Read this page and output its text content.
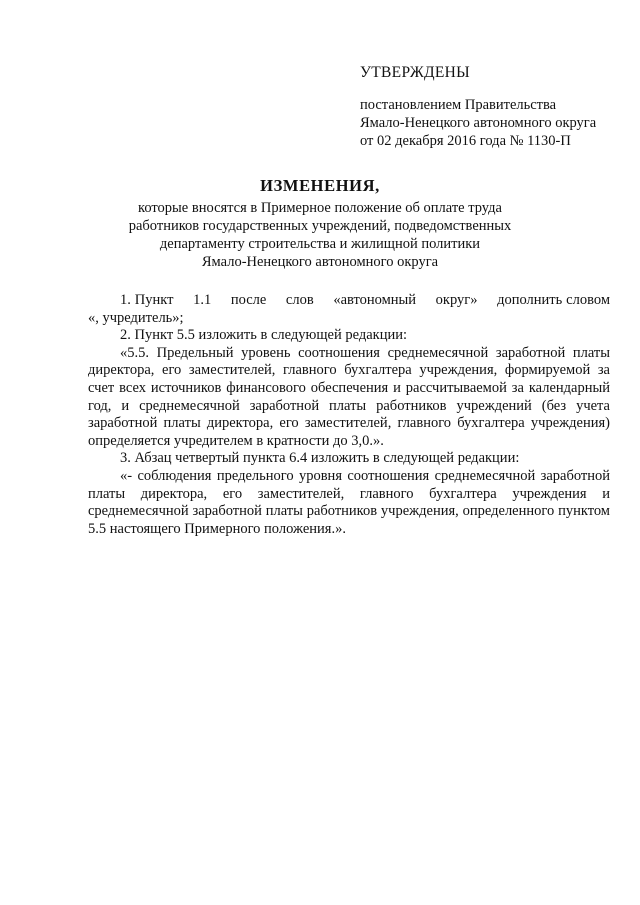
УТВЕРЖДЕНЫ
постановлением Правительства
Ямало-Ненецкого автономного округа
от 02 декабря 2016 года № 1130-П
ИЗМЕНЕНИЯ,
которые вносятся в Примерное положение об оплате труда
работников государственных учреждений, подведомственных
департаменту строительства и жилищной политики
Ямало-Ненецкого автономного округа

1. Пункт     1.1     после     слов     «автономный     округ»     дополнить словом «, учредитель»;

2. Пункт 5.5 изложить в следующей редакции:

«5.5. Предельный уровень соотношения среднемесячной заработной платы директора, его заместителей, главного бухгалтера учреждения, формируемой за счет всех источников финансового обеспечения и рассчитываемой за календарный год, и среднемесячной заработной платы работников учреждений (без учета заработной платы директора, его заместителей, главного бухгалтера учреждения) определяется учредителем в кратности до 3,0.».

3. Абзац четвертый пункта 6.4 изложить в следующей редакции:

«- соблюдения предельного уровня соотношения среднемесячной заработной платы директора, его заместителей, главного бухгалтера учреждения и среднемесячной заработной платы работников учреждения, определенного пунктом 5.5 настоящего Примерного положения.».
